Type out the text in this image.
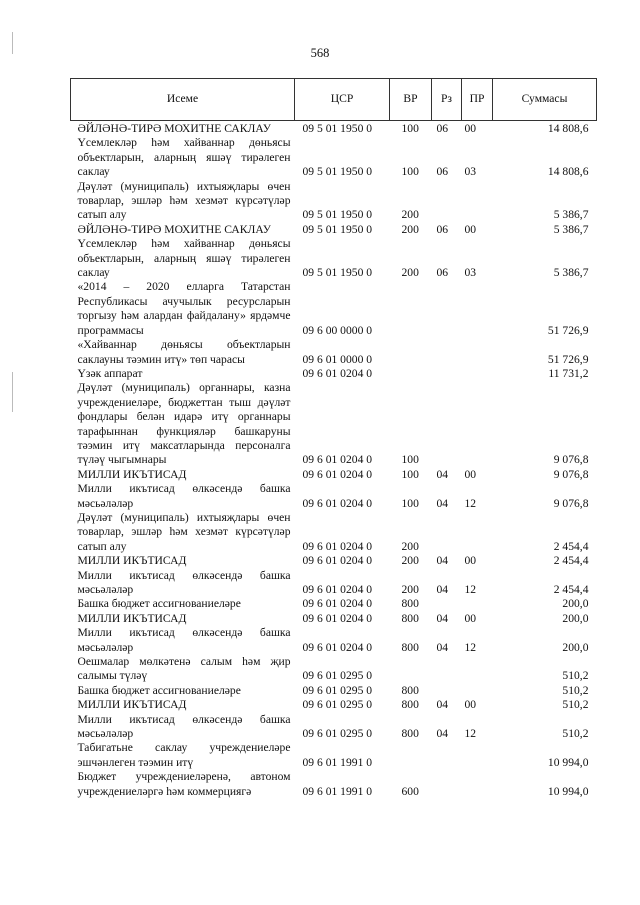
568
Исеме	ЦСР	ВР	Рз	ПР	Суммасы
ӘЙЛӘНӘ-ТИРӘ МОХИТНЕ САКЛАУ	09 5 01 1950 0	100	06	00	14 808,6
Үсемлекләр һәм хайваннар дөньясы объектларын, аларның яшәү тирәлеген саклау	09 5 01 1950 0	100	06	03	14 808,6
Дәүләт (муниципаль) ихтыяҗлары өчен товарлар, эшләр һәм хезмәт күрсәтүләр сатып алу	09 5 01 1950 0	200			5 386,7
ӘЙЛӘНӘ-ТИРӘ МОХИТНЕ САКЛАУ	09 5 01 1950 0	200	06	00	5 386,7
Үсемлекләр һәм хайваннар дөньясы объектларын, аларның яшәү тирәлеген саклау	09 5 01 1950 0	200	06	03	5 386,7
«2014 – 2020 елларга Татарстан Республикасы ачучылык ресурсларын торгызу һәм алардан файдалану» ярдәмче программасы	09 6 00 0000 0				51 726,9
«Хайваннар дөньясы объектларын саклауны тәэмин итү» төп чарасы	09 6 01 0000 0				51 726,9
Үзәк аппарат	09 6 01 0204 0				11 731,2
Дәүләт (муниципаль) органнары, казна учреждениеләре, бюджеттан тыш дәүләт фондлары белән идарә итү органнары тарафыннан функцияләр башкаруны тәэмин итү максатларында персоналга түләү чыгымнары	09 6 01 0204 0	100			9 076,8
МИЛЛИ ИКЪТИСАД	09 6 01 0204 0	100	04	00	9 076,8
Милли икътисад өлкәсендә башка мәсьәләләр	09 6 01 0204 0	100	04	12	9 076,8
Дәүләт (муниципаль) ихтыяҗлары өчен товарлар, эшләр һәм хезмәт күрсәтүләр сатып алу	09 6 01 0204 0	200			2 454,4
МИЛЛИ ИКЪТИСАД	09 6 01 0204 0	200	04	00	2 454,4
Милли икътисад өлкәсендә башка мәсьәләләр	09 6 01 0204 0	200	04	12	2 454,4
Башка бюджет ассигнованиеләре	09 6 01 0204 0	800			200,0
МИЛЛИ ИКЪТИСАД	09 6 01 0204 0	800	04	00	200,0
Милли икътисад өлкәсендә башка мәсьәләләр	09 6 01 0204 0	800	04	12	200,0
Оешмалар мөлкәтенә салым һәм җир салымы түләү	09 6 01 0295 0				510,2
Башка бюджет ассигнованиеләре	09 6 01 0295 0	800			510,2
МИЛЛИ ИКЪТИСАД	09 6 01 0295 0	800	04	00	510,2
Милли икътисад өлкәсендә башка мәсьәләләр	09 6 01 0295 0	800	04	12	510,2
Табигатьне саклау учреждениеләре эшчәнлеген тәэмин итү	09 6 01 1991 0				10 994,0
Бюджет учреждениеләренә, автоном учреждениеләргә һәм коммерциягә	09 6 01 1991 0	600			10 994,0
